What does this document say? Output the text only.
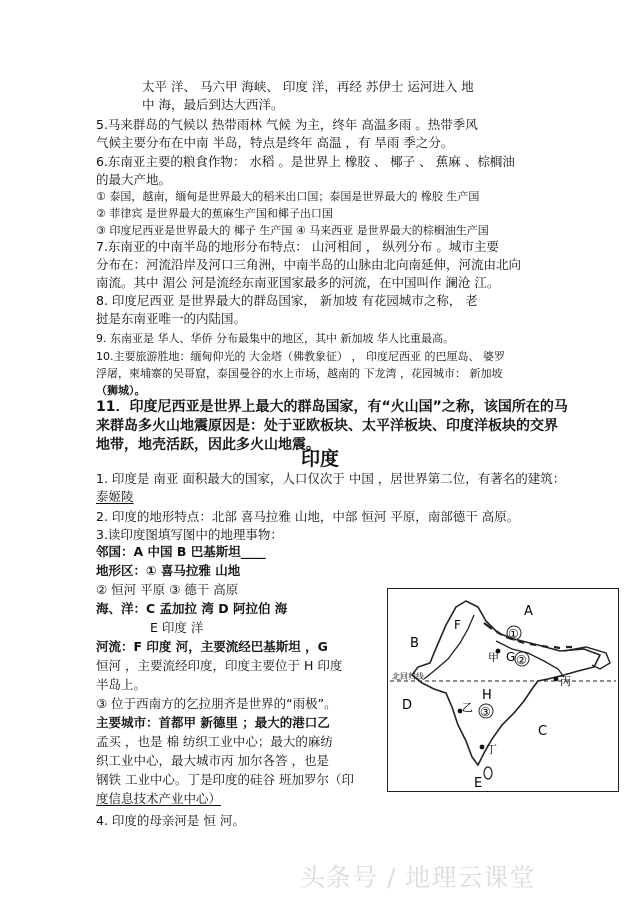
太平 洋、 马六甲 海峡、 印度 洋，再经 苏伊士 运河进入 地
中 海，最后到达大西洋。
5.马来群岛的气候以 热带雨林 气候 为主，终年 高温多雨 。热带季风
气候主要分布在中南 半岛，特点是终年 高温 ，有 旱雨 季之分。
6.东南亚主要的粮食作物： 水稻 。是世界上 橡胶 、 椰子 、 蕉麻 、棕榈油
的最大产地。
① 泰国，越南，缅甸是世界最大的稻米出口国；泰国是世界最大的 橡胶 生产国
② 菲律宾 是世界最大的蕉麻生产国和椰子出口国
③ 印度尼西亚是世界最大的 椰子 生产国 ④ 马来西亚 是世界最大的棕榈油生产国
7.东南亚的中南半岛的地形分布特点： 山河相间 ， 纵列分布 。城市主要
分布在：河流沿岸及河口三角洲，中南半岛的山脉由北向南延伸，河流由北向
南流。其中 湄公 河是流经东南亚国家最多的河流，在中国叫作 澜沧 江。
8. 印度尼西亚 是世界最大的群岛国家， 新加坡 有花园城市之称， 老
挝是东南亚唯一的内陆国。
9. 东南亚是 华人、华侨 分布最集中的地区，其中 新加坡 华人比重最高。
10.主要旅游胜地：缅甸仰光的 大金塔（佛教象征） ， 印度尼西亚 的巴厘岛、 婆罗
浮屠，柬埔寨的吴哥窟，泰国曼谷的水上市场，越南的 下龙湾 ，花园城市： 新加坡
（狮城）。
11．印度尼西亚是世界上最大的群岛国家，有“火山国”之称，该国所在的马
来群岛多火山地震原因是：处于亚欧板块、太平洋板块、印度洋板块的交界
地带，地壳活跃，因此多火山地震。
印度
1. 印度是 南亚 面积最大的国家，人口仅次于 中国 ，居世界第二位，有著名的建筑：
泰姬陵
2. 印度的地形特点：北部 喜马拉雅 山地，中部 恒河 平原，南部德干 高原。
3.读印度图填写图中的地理事物：
邻国：A 中国 B 巴基斯坦____
地形区：① 喜马拉雅 山地
② 恒河 平原 ③ 德干 高原
海、洋：C 孟加拉 湾 D 阿拉伯 海
E 印度 洋
河流：F 印度 河，主要流经巴基斯坦 ，G
恒河 ，主要流经印度，印度主要位于 H 印度
半岛上。
③ 位于西南方的乞拉朋齐是世界的“雨极”。
主要城市：首都甲 新德里 ；最大的港口乙
孟买 ，也是 棉 纺织工业中心；最大的麻纺
织工业中心，最大城市丙 加尔各答 ，也是
钢铁 工业中心。丁是印度的硅谷 班加罗尔（印
度信息技术产业中心）
4. 印度的母亲河是 恒 河。
A
B
C
D
E
F
G
H
甲
乙
丙
丁
①
②
③
北回归线
头条号 / 地理云课堂
